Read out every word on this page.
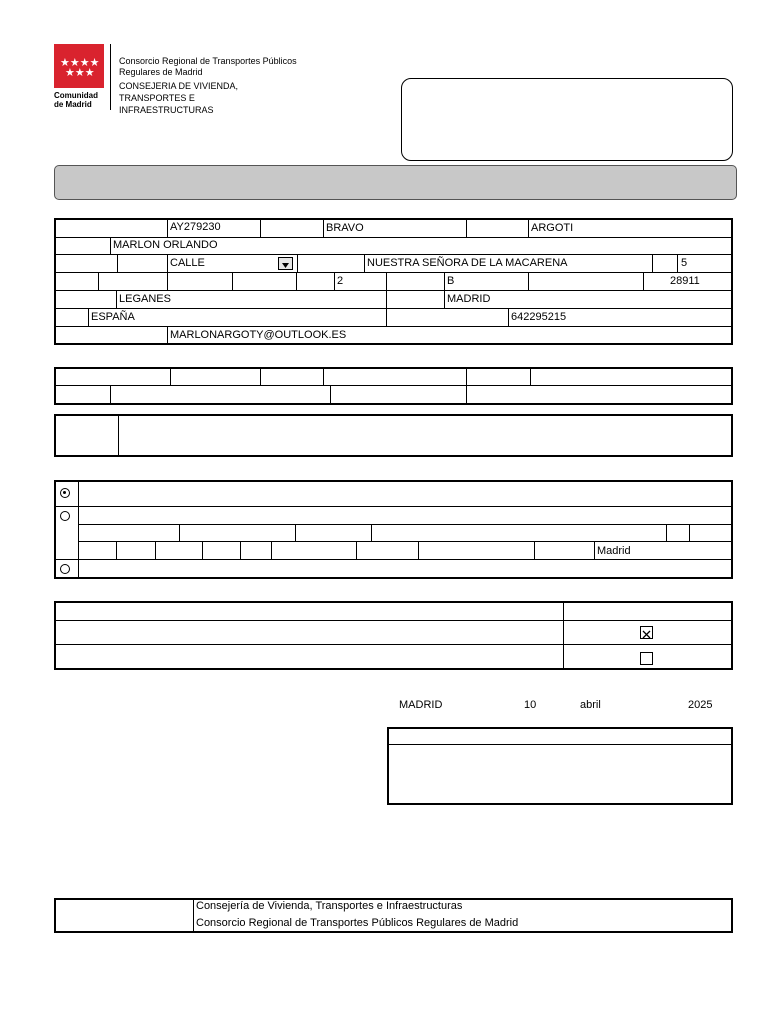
★★★★
★★★
Comunidad
de Madrid
Consorcio Regional de Transportes Públicos
Regulares de Madrid
CONSEJERIA DE VIVIENDA,
TRANSPORTES E
INFRAESTRUCTURAS
AY279230	BRAVO	ARGOTI
MARLON ORLANDO
CALLE	NUESTRA SEÑORA DE LA MACARENA	5
2	B	28911
LEGANES	MADRID
ESPAÑA	642295215
MARLONARGOTY@OUTLOOK.ES
Madrid
MADRID	10	abril	2025
Consejería de Vivienda, Transportes e Infraestructuras
Consorcio Regional de Transportes Públicos Regulares de Madrid
